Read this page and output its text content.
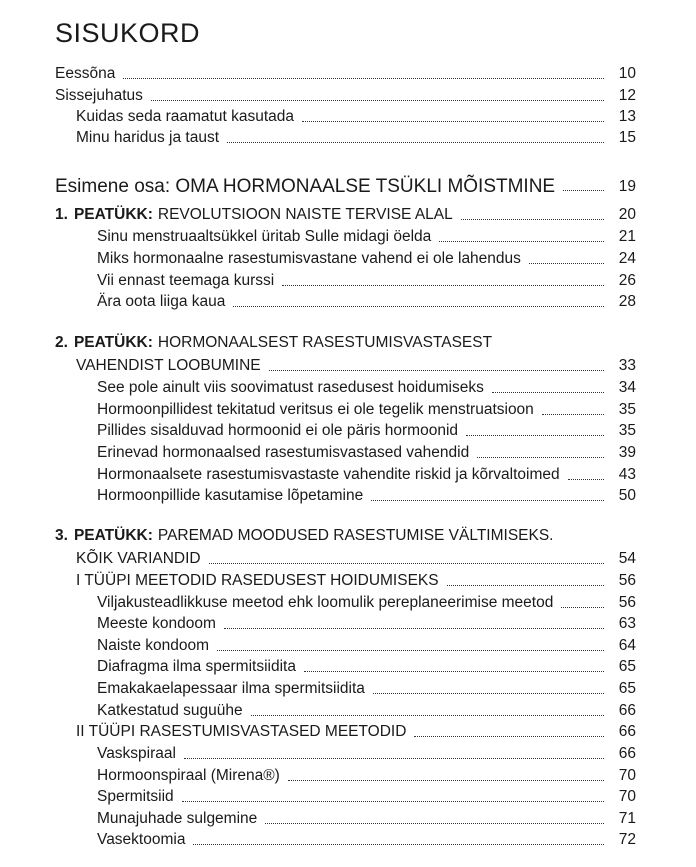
SISUKORD
Eessõna	10
Sissejuhatus	12
Kuidas seda raamatut kasutada	13
Minu haridus ja taust	15
Esimene osa: OMA HORMONAALSE TSÜKLI MÕISTMINE	19
1. PEATÜKK: REVOLUTSIOON NAISTE TERVISE ALAL	20
Sinu menstruaaltsükkel üritab Sulle midagi öelda	21
Miks hormonaalne rasestumisvastane vahend ei ole lahendus	24
Vii ennast teemaga kurssi	26
Ära oota liiga kaua	28
2. PEATÜKK: HORMONAALSEST RASESTUMISVASTASEST
VAHENDIST LOOBUMINE	33
See pole ainult viis soovimatust rasedusest hoidumiseks	34
Hormoonpillidest tekitatud veritsus ei ole tegelik menstruatsioon	35
Pillides sisalduvad hormoonid ei ole päris hormoonid	35
Erinevad hormonaalsed rasestumisvastased vahendid	39
Hormonaalsete rasestumisvastaste vahendite riskid ja kõrvaltoimed	43
Hormoonpillide kasutamise lõpetamine	50
3. PEATÜKK: PAREMAD MOODUSED RASESTUMISE VÄLTIMISEKS.
KÕIK VARIANDID	54
I TÜÜPI MEETODID RASEDUSEST HOIDUMISEKS	56
Viljakusteadlikkuse meetod ehk loomulik pereplaneerimise meetod	56
Meeste kondoom	63
Naiste kondoom	64
Diafragma ilma spermitsiidita	65
Emakakaelapessaar ilma spermitsiidita	65
Katkestatud suguühe	66
II TÜÜPI RASESTUMISVASTASED MEETODID	66
Vaskspiraal	66
Hormoonspiraal (Mirena®)	70
Spermitsiid	70
Munajuhade sulgemine	71
Vasektoomia	72
